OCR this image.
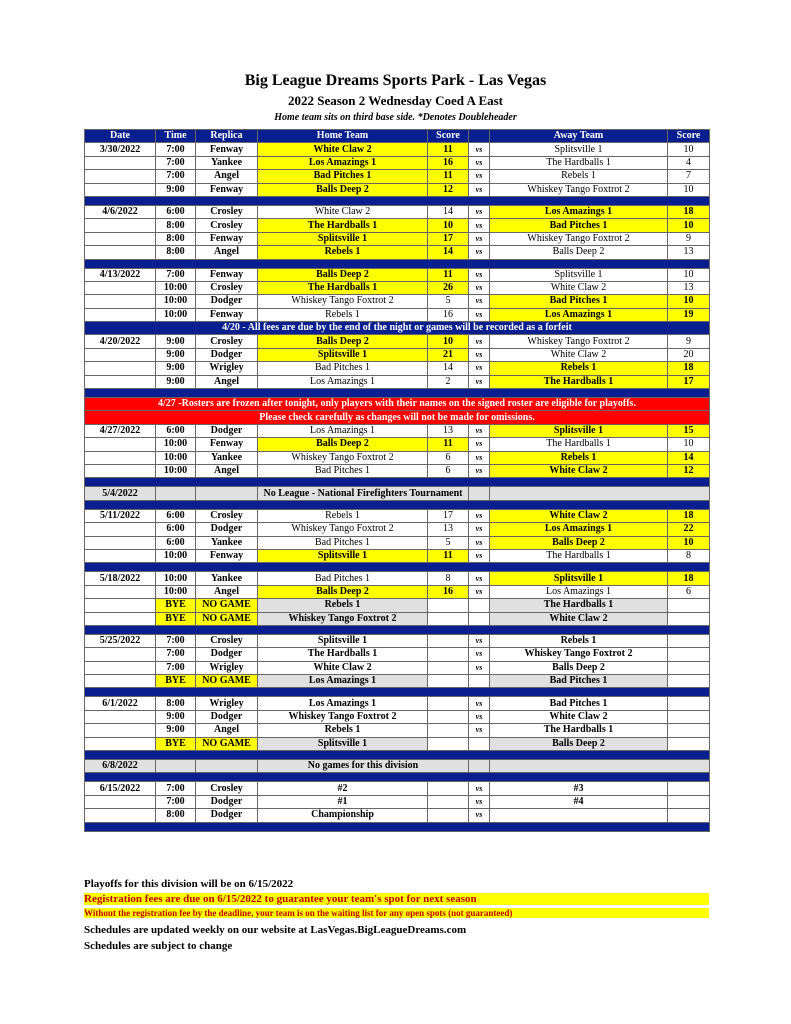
Big League Dreams Sports Park - Las Vegas
2022 Season 2 Wednesday Coed A East
Home team sits on third base side. *Denotes Doubleheader
Date	Time	Replica	Home Team	Score		Away Team	Score
3/30/2022	7:00	Fenway	White Claw 2	11	vs	Splitsville 1	10
	7:00	Yankee	Los Amazings 1	16	vs	The Hardballs 1	4
	7:00	Angel	Bad Pitches 1	11	vs	Rebels 1	7
	9:00	Fenway	Balls Deep 2	12	vs	Whiskey Tango Foxtrot 2	10

4/6/2022	6:00	Crosley	White Claw 2	14	vs	Los Amazings 1	18
	8:00	Crosley	The Hardballs 1	10	vs	Bad Pitches 1	10
	8:00	Fenway	Splitsville 1	17	vs	Whiskey Tango Foxtrot 2	9
	8:00	Angel	Rebels 1	14	vs	Balls Deep 2	13

4/13/2022	7:00	Fenway	Balls Deep 2	11	vs	Splitsville 1	10
	10:00	Crosley	The Hardballs 1	26	vs	White Claw 2	13
	10:00	Dodger	Whiskey Tango Foxtrot 2	5	vs	Bad Pitches 1	10
	10:00	Fenway	Rebels 1	16	vs	Los Amazings 1	19
4/20 - All fees are due by the end of the night or games will be recorded as a forfeit							
4/20/2022	9:00	Crosley	Balls Deep 2	10	vs	Whiskey Tango Foxtrot 2	9
	9:00	Dodger	Splitsville 1	21	vs	White Claw 2	20
	9:00	Wrigley	Bad Pitches 1	14	vs	Rebels 1	18
	9:00	Angel	Los Amazings 1	2	vs	The Hardballs 1	17

4/27 -Rosters are frozen after tonight, only players with their names on the signed roster are eligible for playoffs.							
Please check carefully as changes will not be made for omissions.							
4/27/2022	6:00	Dodger	Los Amazings 1	13	vs	Splitsville 1	15
	10:00	Fenway	Balls Deep 2	11	vs	The Hardballs 1	10
	10:00	Yankee	Whiskey Tango Foxtrot 2	6	vs	Rebels 1	14
	10:00	Angel	Bad Pitches 1	6	vs	White Claw 2	12

5/4/2022			No League - National Firefighters Tournament				

5/11/2022	6:00	Crosley	Rebels 1	17	vs	White Claw 2	18
	6:00	Dodger	Whiskey Tango Foxtrot 2	13	vs	Los Amazings 1	22
	6:00	Yankee	Bad Pitches 1	5	vs	Balls Deep 2	10
	10:00	Fenway	Splitsville 1	11	vs	The Hardballs 1	8

5/18/2022	10:00	Yankee	Bad Pitches 1	8	vs	Splitsville 1	18
	10:00	Angel	Balls Deep 2	16	vs	Los Amazings 1	6
	BYE	NO GAME	Rebels 1			The Hardballs 1	
	BYE	NO GAME	Whiskey Tango Foxtrot 2			White Claw 2	

5/25/2022	7:00	Crosley	Splitsville 1		vs	Rebels 1	
	7:00	Dodger	The Hardballs 1		vs	Whiskey Tango Foxtrot 2	
	7:00	Wrigley	White Claw 2		vs	Balls Deep 2	
	BYE	NO GAME	Los Amazings 1			Bad Pitches 1	

6/1/2022	8:00	Wrigley	Los Amazings 1		vs	Bad Pitches 1	
	9:00	Dodger	Whiskey Tango Foxtrot 2		vs	White Claw 2	
	9:00	Angel	Rebels 1		vs	The Hardballs 1	
	BYE	NO GAME	Splitsville 1			Balls Deep 2	

6/8/2022			No games for this division				

6/15/2022	7:00	Crosley	#2		vs	#3	
	7:00	Dodger	#1		vs	#4	
	8:00	Dodger	Championship		vs		

Playoffs for this division will be on 6/15/2022
Registration fees are due on 6/15/2022 to guarantee your team's spot for next season
Without the registration fee by the deadline, your team is on the waiting list for any open spots (not guaranteed)
Schedules are updated weekly on our website at LasVegas.BigLeagueDreams.com
Schedules are subject to change
